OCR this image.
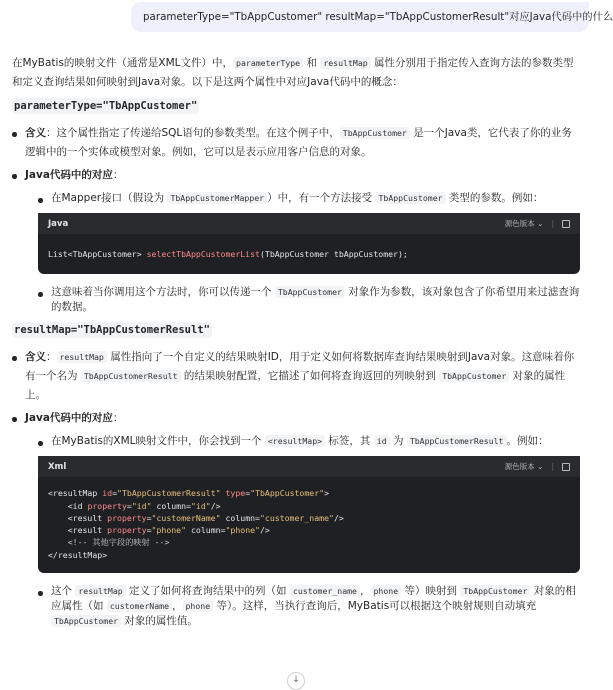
parameterType="TbAppCustomer" resultMap="TbAppCustomerResult"对应Java代码中的什么

在MyBatis的映射文件（通常是XML文件）中， parameterType 和 resultMap 属性分别用于指定传入查询方法的参数类型和定义查询结果如何映射到Java对象。以下是这两个属性中对应Java代码中的概念：

parameterType="TbAppCustomer"
含义：这个属性指定了传递给SQL语句的参数类型。在这个例子中， TbAppCustomer 是一个Java类，它代表了你的业务逻辑中的一个实体或模型对象。例如，它可以是表示应用客户信息的对象。
Java代码中的对应：
在Mapper接口（假设为 TbAppCustomerMapper ）中，有一个方法接受 TbAppCustomer 类型的参数。例如：
Java	源色版本 ⌄ |
List<TbAppCustomer> selectTbAppCustomerList(TbAppCustomer tbAppCustomer);
这意味着当你调用这个方法时，你可以传递一个 TbAppCustomer 对象作为参数，该对象包含了你希望用来过滤查询的数据。
resultMap="TbAppCustomerResult"
含义： resultMap 属性指向了一个自定义的结果映射ID，用于定义如何将数据库查询结果映射到Java对象。这意味着你有一个名为 TbAppCustomerResult 的结果映射配置，它描述了如何将查询返回的列映射到 TbAppCustomer 对象的属性上。
Java代码中的对应：
在MyBatis的XML映射文件中，你会找到一个 <resultMap> 标签，其 id 为 TbAppCustomerResult 。例如：
Xml	源色版本 ⌄ |
<resultMap id="TbAppCustomerResult" type="TbAppCustomer">
<id property="id" column="id"/>
<result property="customerName" column="customer_name"/>
<result property="phone" column="phone"/>
<!-- 其他字段的映射 -->
</resultMap>
这个 resultMap 定义了如何将查询结果中的列（如 customer_name ， phone 等）映射到 TbAppCustomer 对象的相应属性（如 customerName ， phone 等）。这样，当执行查询后，MyBatis可以根据这个映射规则自动填充 TbAppCustomer 对象的属性值。
↓
